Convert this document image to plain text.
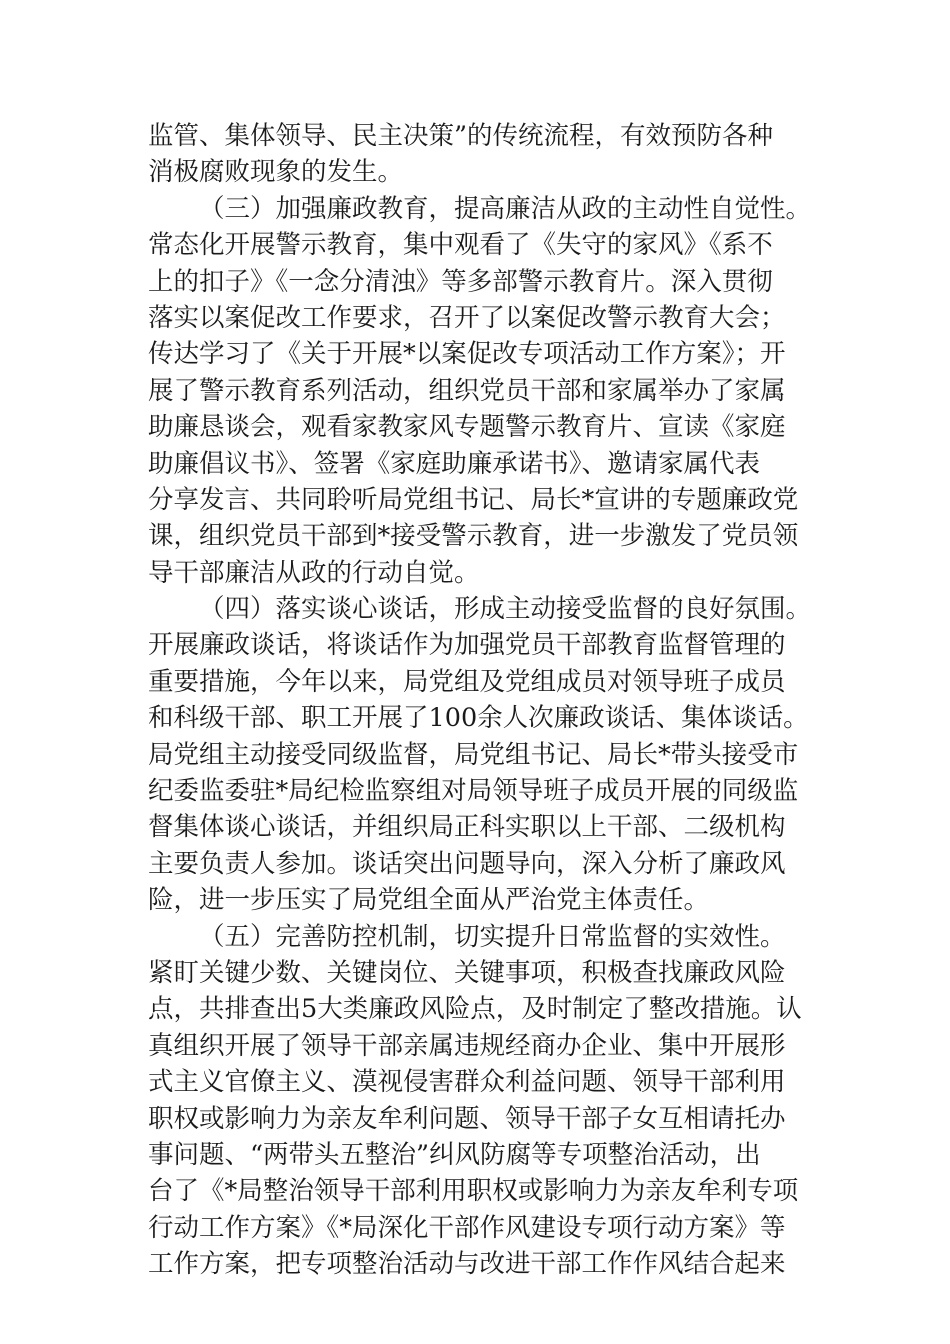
监管、集体领导、民主决策”的传统流程，有效预防各种
消极腐败现象的发生。
（三）加强廉政教育，提高廉洁从政的主动性自觉性。
常态化开展警示教育，集中观看了《失守的家风》《系不
上的扣子》《一念分清浊》等多部警示教育片。深入贯彻
落实以案促改工作要求，召开了以案促改警示教育大会；
传达学习了《关于开展*以案促改专项活动工作方案》；开
展了警示教育系列活动，组织党员干部和家属举办了家属
助廉恳谈会，观看家教家风专题警示教育片、宣读《家庭
助廉倡议书》、签署《家庭助廉承诺书》、邀请家属代表
分享发言、共同聆听局党组书记、局长*宣讲的专题廉政党
课，组织党员干部到*接受警示教育，进一步激发了党员领
导干部廉洁从政的行动自觉。
（四）落实谈心谈话，形成主动接受监督的良好氛围。
开展廉政谈话，将谈话作为加强党员干部教育监督管理的
重要措施，今年以来，局党组及党组成员对领导班子成员
和科级干部、职工开展了100余人次廉政谈话、集体谈话。
局党组主动接受同级监督，局党组书记、局长*带头接受市
纪委监委驻*局纪检监察组对局领导班子成员开展的同级监
督集体谈心谈话，并组织局正科实职以上干部、二级机构
主要负责人参加。谈话突出问题导向，深入分析了廉政风
险，进一步压实了局党组全面从严治党主体责任。
（五）完善防控机制，切实提升日常监督的实效性。
紧盯关键少数、关键岗位、关键事项，积极查找廉政风险
点，共排查出5大类廉政风险点，及时制定了整改措施。认
真组织开展了领导干部亲属违规经商办企业、集中开展形
式主义官僚主义、漠视侵害群众利益问题、领导干部利用
职权或影响力为亲友牟利问题、领导干部子女互相请托办
事问题、“两带头五整治”纠风防腐等专项整治活动，出
台了《*局整治领导干部利用职权或影响力为亲友牟利专项
行动工作方案》《*局深化干部作风建设专项行动方案》等
工作方案，把专项整治活动与改进干部工作作风结合起来
